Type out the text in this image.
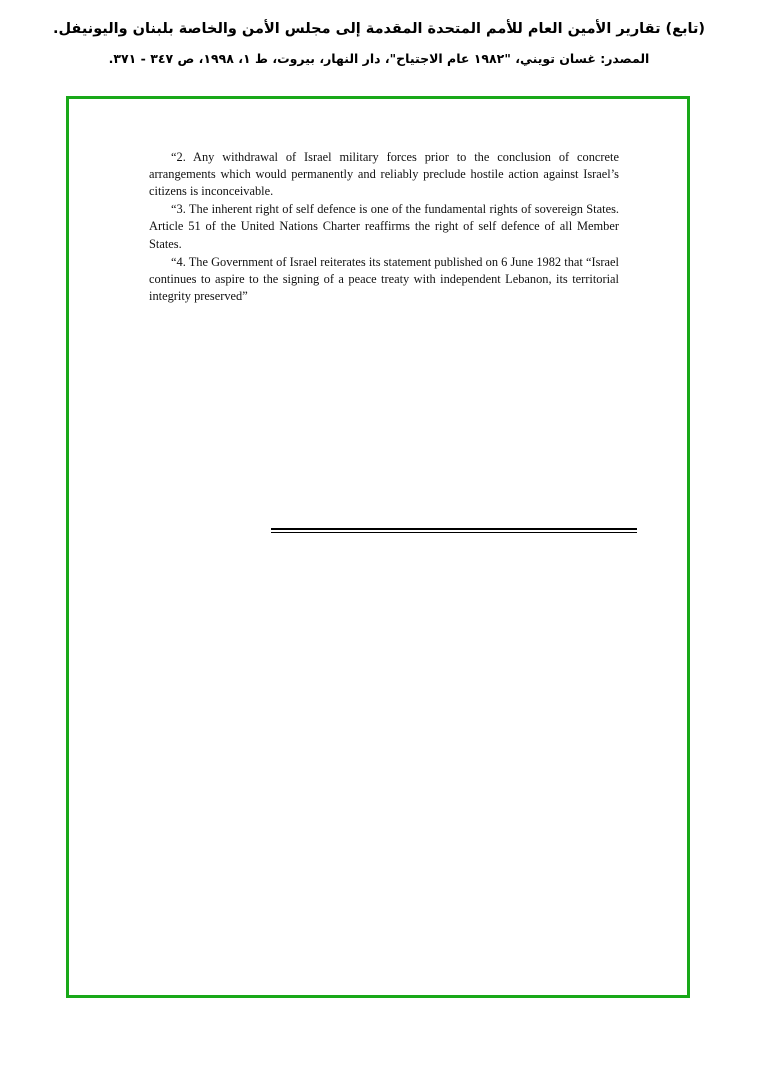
(تابع) تقارير الأمين العام للأمم المتحدة المقدمة إلى مجلس الأمن والخاصة بلبنان واليونيفل.
المصدر: غسان تويني، "١٩٨٢ عام الاجتياح"، دار النهار، بيروت، ط ١، ١٩٩٨، ص ٣٤٧ - ٣٧١.

“2. Any withdrawal of Israel military forces prior to the conclusion of concrete arrangements which would permanently and reliably preclude hostile action against Israel’s citizens is inconceivable.

“3. The inherent right of self defence is one of the fundamental rights of sovereign States. Article 51 of the United Nations Charter reaffirms the right of self defence of all Member States.

“4. The Government of Israel reiterates its statement published on 6 June 1982 that “Israel continues to aspire to the signing of a peace treaty with independent Lebanon, its territorial integrity preserved”
